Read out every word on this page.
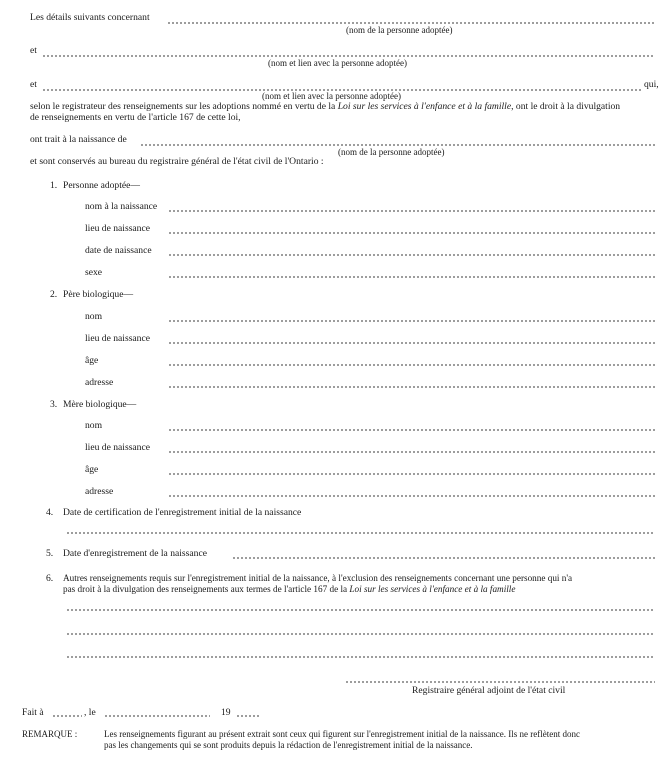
Les détails suivants concernant
(nom de la personne adoptée)
et
(nom et lien avec la personne adoptée)
et	qui,
(nom et lien avec la personne adoptée)
selon le registrateur des renseignements sur les adoptions nommé en vertu de la Loi sur les services à l'enfance et à la famille, ont le droit à la divulgation
de renseignements en vertu de l'article 167 de cette loi,
ont trait à la naissance de
(nom de la personne adoptée)
et sont conservés au bureau du registraire général de l'état civil de l'Ontario :
1. Personne adoptée—
nom à la naissance
lieu de naissance
date de naissance
sexe
2. Père biologique—
nom
lieu de naissance
âge
adresse
3. Mère biologique—
nom
lieu de naissance
âge
adresse
4. Date de certification de l'enregistrement initial de la naissance
5. Date d'enregistrement de la naissance
6. Autres renseignements requis sur l'enregistrement initial de la naissance, à l'exclusion des renseignements concernant une personne qui n'a
pas droit à la divulgation des renseignements aux termes de l'article 167 de la Loi sur les services à l'enfance et à la famille
Registraire général adjoint de l'état civil
Fait à	, le	19
REMARQUE :	Les renseignements figurant au présent extrait sont ceux qui figurent sur l'enregistrement initial de la naissance. Ils ne reflètent donc
pas les changements qui se sont produits depuis la rédaction de l'enregistrement initial de la naissance.
